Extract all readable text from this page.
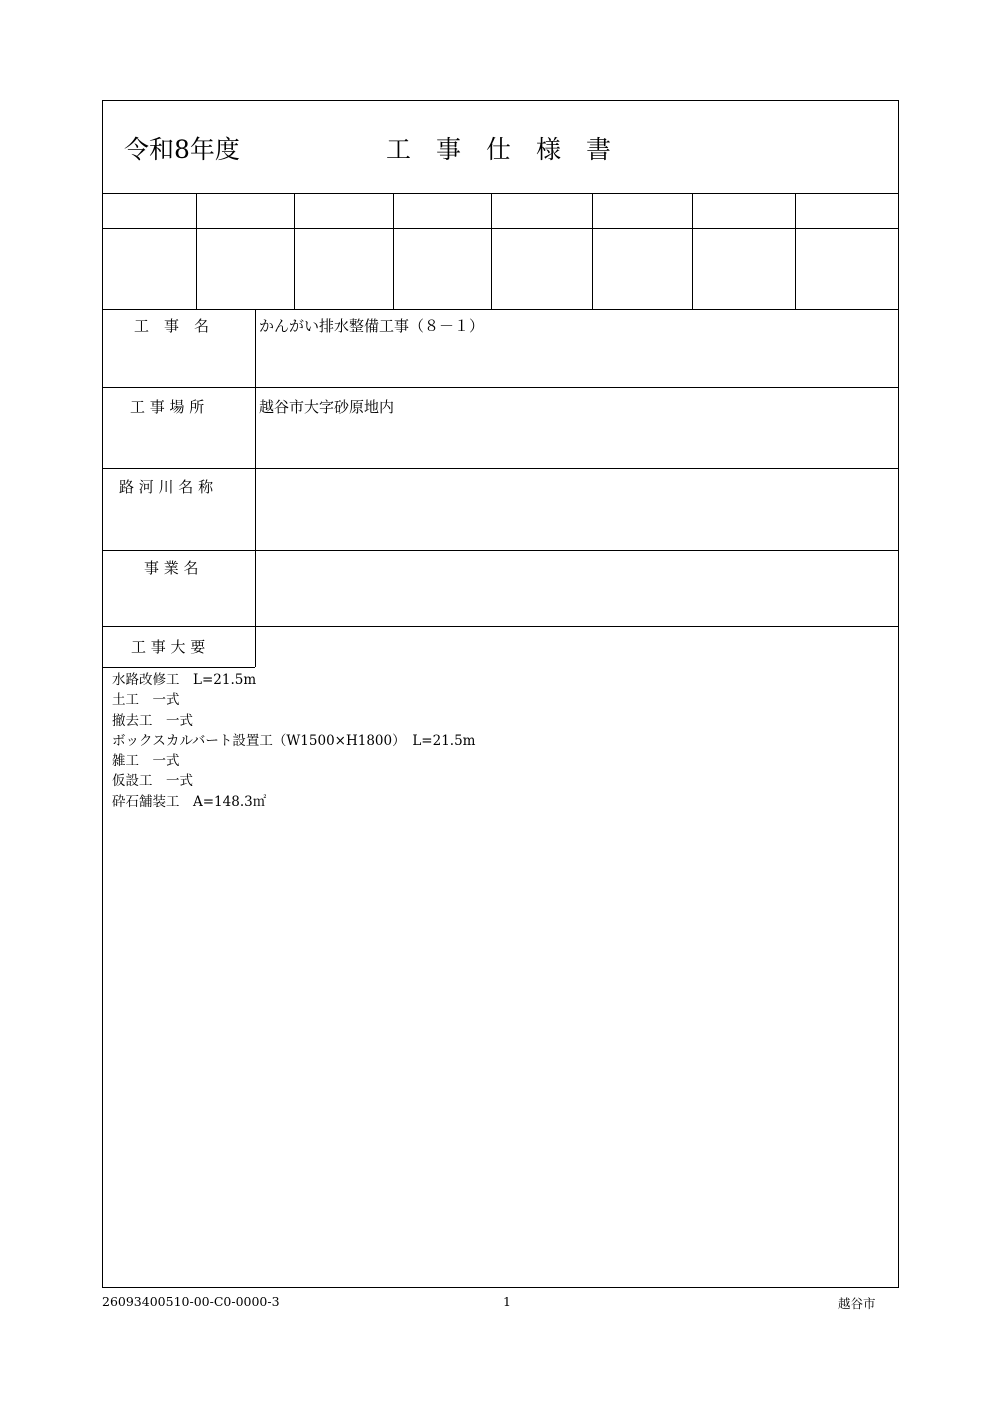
令和8年度	工　事　仕　様　書
工　事　名	かんがい排水整備工事（８－１）
工 事 場 所	越谷市大字砂原地内
路 河 川 名 称
事 業 名
工 事 大 要
水路改修工　L=21.5m
土工　一式
撤去工　一式
ボックスカルバート設置工（W1500×H1800）　L=21.5m
雑工　一式
仮設工　一式
砕石舗装工　A=148.3㎡
26093400510-00-C0-0000-3	1	越谷市
